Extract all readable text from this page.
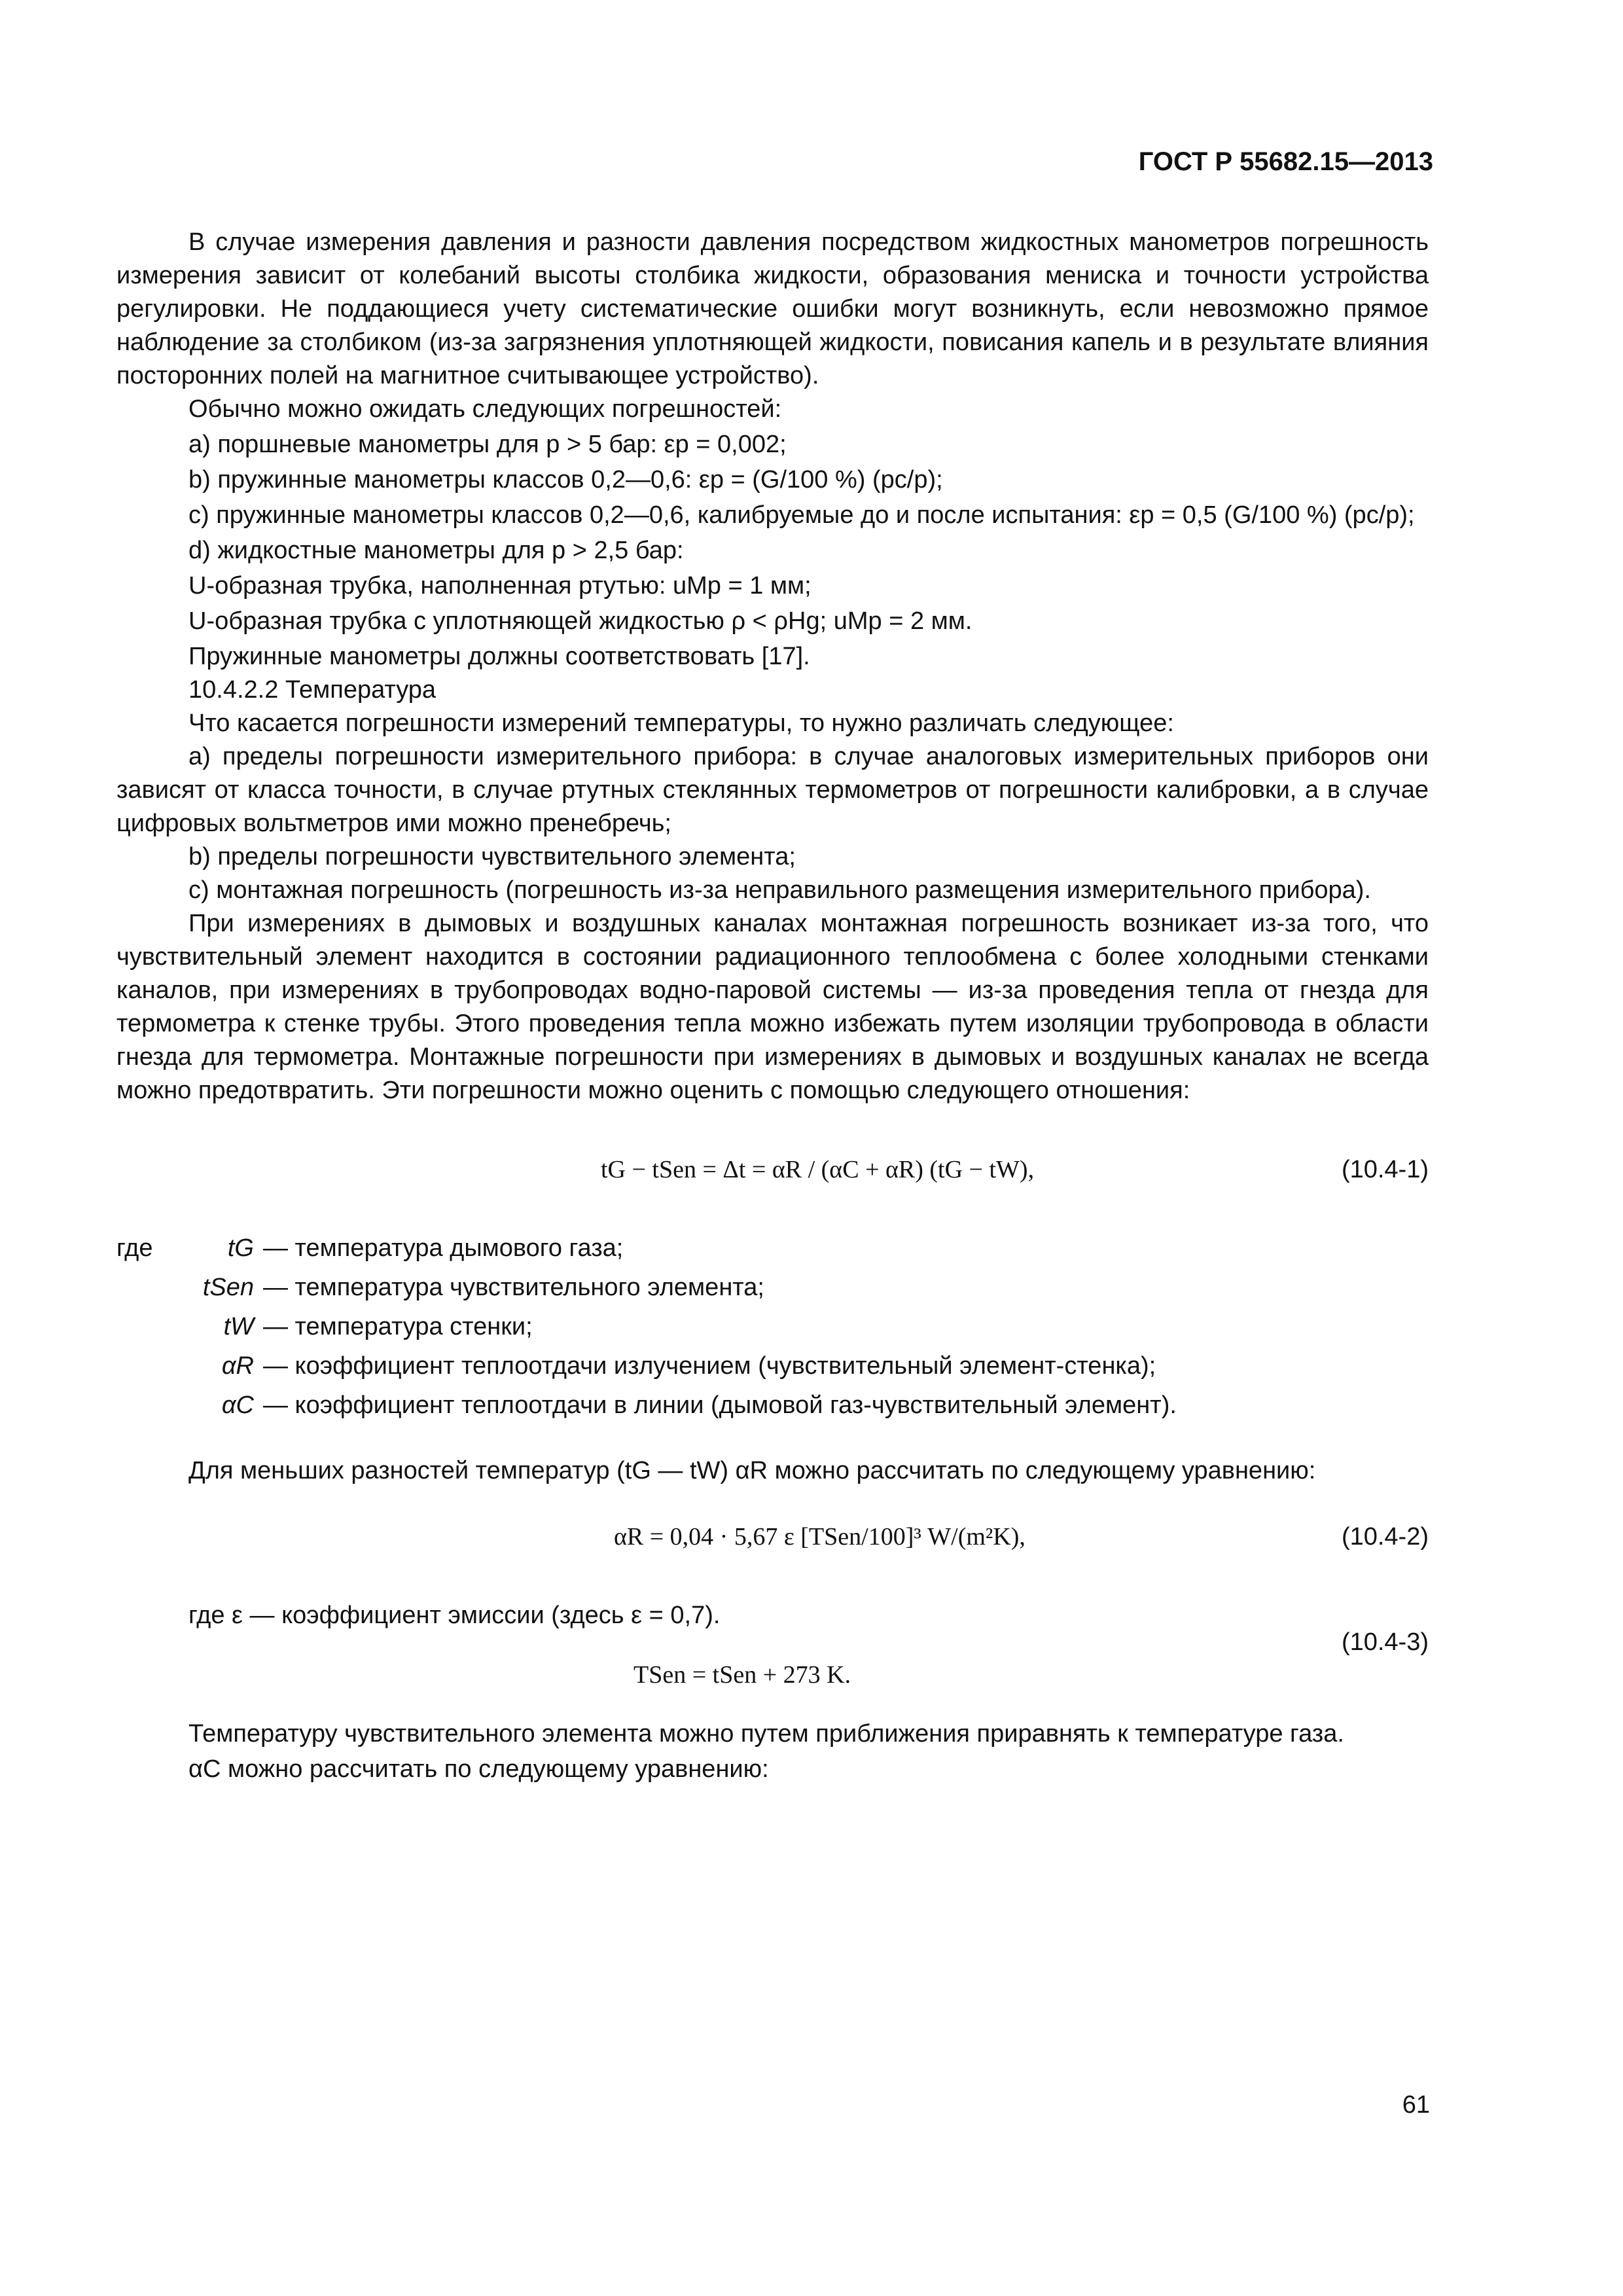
ГОСТ Р 55682.15—2013

В случае измерения давления и разности давления посредством жидкостных манометров погрешность измерения зависит от колебаний высоты столбика жидкости, образования мениска и точности устройства регулировки. Не поддающиеся учету систематические ошибки могут возникнуть, если невозможно прямое наблюдение за столбиком (из-за загрязнения уплотняющей жидкости, повисания капель и в результате влияния посторонних полей на магнитное считывающее устройство).

Обычно можно ожидать следующих погрешностей:

a) поршневые манометры для p > 5 бар: εp = 0,002;

b) пружинные манометры классов 0,2—0,6: εp = (G/100 %) (pc/p);

c) пружинные манометры классов 0,2—0,6, калибруемые до и после испытания: εp = 0,5 (G/100 %) (pc/p);

d) жидкостные манометры для p > 2,5 бар:

U-образная трубка, наполненная ртутью: uMp = 1 мм;

U-образная трубка с уплотняющей жидкостью ρ < ρHg; uMp = 2 мм.

Пружинные манометры должны соответствовать [17].

10.4.2.2 Температура

Что касается погрешности измерений температуры, то нужно различать следующее:

a) пределы погрешности измерительного прибора: в случае аналоговых измерительных приборов они зависят от класса точности, в случае ртутных стеклянных термометров от погрешности калибровки, а в случае цифровых вольтметров ими можно пренебречь;

b) пределы погрешности чувствительного элемента;

c) монтажная погрешность (погрешность из-за неправильного размещения измерительного прибора).

При измерениях в дымовых и воздушных каналах монтажная погрешность возникает из-за того, что чувствительный элемент находится в состоянии радиационного теплообмена с более холодными стенками каналов, при измерениях в трубопроводах водно-паровой системы — из-за проведения тепла от гнезда для термометра к стенке трубы. Этого проведения тепла можно избежать путем изоляции трубопровода в области гнезда для термометра. Монтажные погрешности при измерениях в дымовых и воздушных каналах не всегда можно предотвратить. Эти погрешности можно оценить с помощью следующего отношения:

tG − tSen = Δt = αR / (αC + αR) (tG − tW),	(10.4-1)
где	tG — температура дымового газа;
tSen — температура чувствительного элемента;
tW — температура стенки;
αR — коэффициент теплоотдачи излучением (чувствительный элемент-стенка);
αC — коэффициент теплоотдачи в линии (дымовой газ-чувствительный элемент).

Для меньших разностей температур (tG — tW) αR можно рассчитать по следующему уравнению:

αR = 0,04 · 5,67 ε [TSen/100]³ W/(m²K),	(10.4-2)

где ε — коэффициент эмиссии (здесь ε = 0,7).

TSen = tSen + 273 K.
(10.4-3)

Температуру чувствительного элемента можно путем приближения приравнять к температуре газа.

αC можно рассчитать по следующему уравнению:

61
